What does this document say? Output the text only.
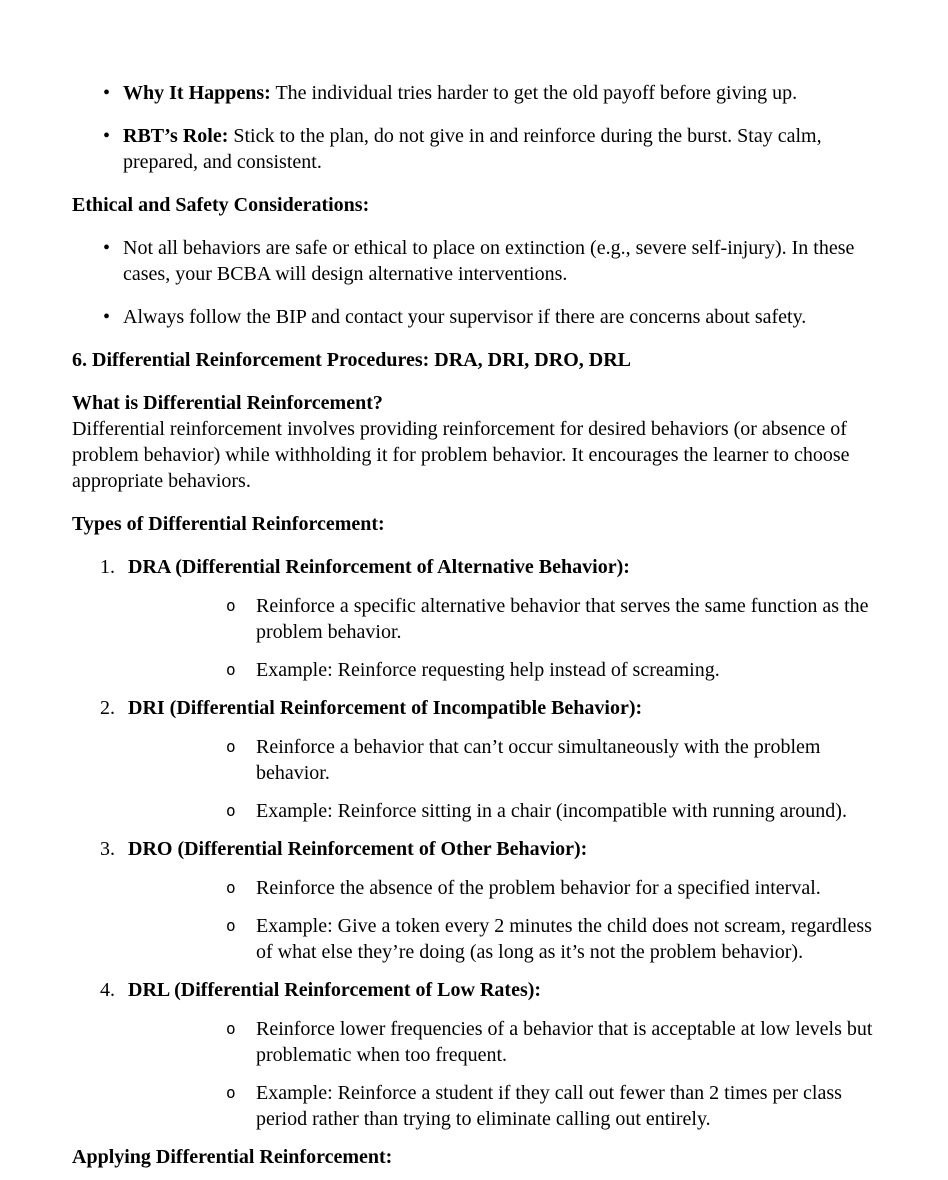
• Why It Happens: The individual tries harder to get the old payoff before giving up.
• RBT’s Role: Stick to the plan, do not give in and reinforce during the burst. Stay calm, prepared, and consistent.
Ethical and Safety Considerations:
• Not all behaviors are safe or ethical to place on extinction (e.g., severe self-injury). In these cases, your BCBA will design alternative interventions.
• Always follow the BIP and contact your supervisor if there are concerns about safety.
6. Differential Reinforcement Procedures: DRA, DRI, DRO, DRL
What is Differential Reinforcement?
Differential reinforcement involves providing reinforcement for desired behaviors (or absence of problem behavior) while withholding it for problem behavior. It encourages the learner to choose appropriate behaviors.
Types of Differential Reinforcement:
1. DRA (Differential Reinforcement of Alternative Behavior):
o Reinforce a specific alternative behavior that serves the same function as the problem behavior.
o Example: Reinforce requesting help instead of screaming.
2. DRI (Differential Reinforcement of Incompatible Behavior):
o Reinforce a behavior that can’t occur simultaneously with the problem behavior.
o Example: Reinforce sitting in a chair (incompatible with running around).
3. DRO (Differential Reinforcement of Other Behavior):
o Reinforce the absence of the problem behavior for a specified interval.
o Example: Give a token every 2 minutes the child does not scream, regardless of what else they’re doing (as long as it’s not the problem behavior).
4. DRL (Differential Reinforcement of Low Rates):
o Reinforce lower frequencies of a behavior that is acceptable at low levels but problematic when too frequent.
o Example: Reinforce a student if they call out fewer than 2 times per class period rather than trying to eliminate calling out entirely.
Applying Differential Reinforcement:
